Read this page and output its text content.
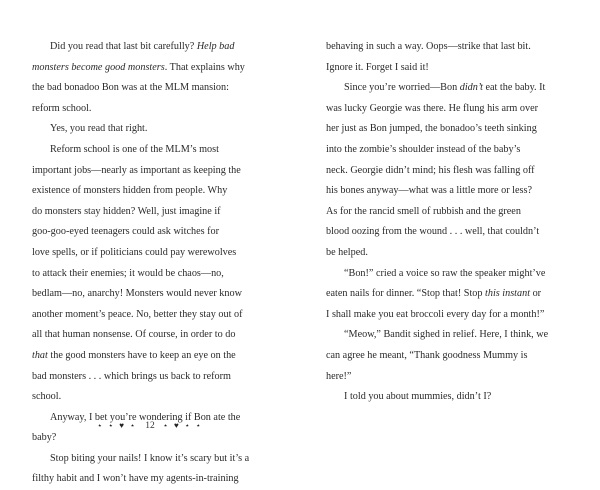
Did you read that last bit carefully? Help bad

monsters become good monsters. That explains why

the bad bonadoo Bon was at the MLM mansion:

reform school.

Yes, you read that right.

Reform school is one of the MLM’s most

important jobs—nearly as important as keeping the

existence of monsters hidden from people. Why

do monsters stay hidden? Well, just imagine if

goo-goo-eyed teenagers could ask witches for

love spells, or if politicians could pay werewolves

to attack their enemies; it would be chaos—no,

bedlam—no, anarchy! Monsters would never know

another moment’s peace. No, better they stay out of

all that human nonsense. Of course, in order to do

that the good monsters have to keep an eye on the

bad monsters . . . which brings us back to reform

school.

Anyway, I bet you’re wondering if Bon ate the

baby?

Stop biting your nails! I know it’s scary but it’s a

filthy habit and I won’t have my agents-in-training

⋆ ⋆ ♥ ⋆ 12 ⋆ ♥ ⋆ ⋆

behaving in such a way. Oops—strike that last bit.

Ignore it. Forget I said it!

Since you’re worried—Bon didn’t eat the baby. It

was lucky Georgie was there. He flung his arm over

her just as Bon jumped, the bonadoo’s teeth sinking

into the zombie’s shoulder instead of the baby’s

neck. Georgie didn’t mind; his flesh was falling off

his bones anyway—what was a little more or less?

As for the rancid smell of rubbish and the green

blood oozing from the wound . . . well, that couldn’t

be helped.

“Bon!” cried a voice so raw the speaker might’ve

eaten nails for dinner. “Stop that! Stop this instant or

I shall make you eat broccoli every day for a month!”

“Meow,” Bandit sighed in relief. Here, I think, we

can agree he meant, “Thank goodness Mummy is

here!”

I told you about mummies, didn’t I?
